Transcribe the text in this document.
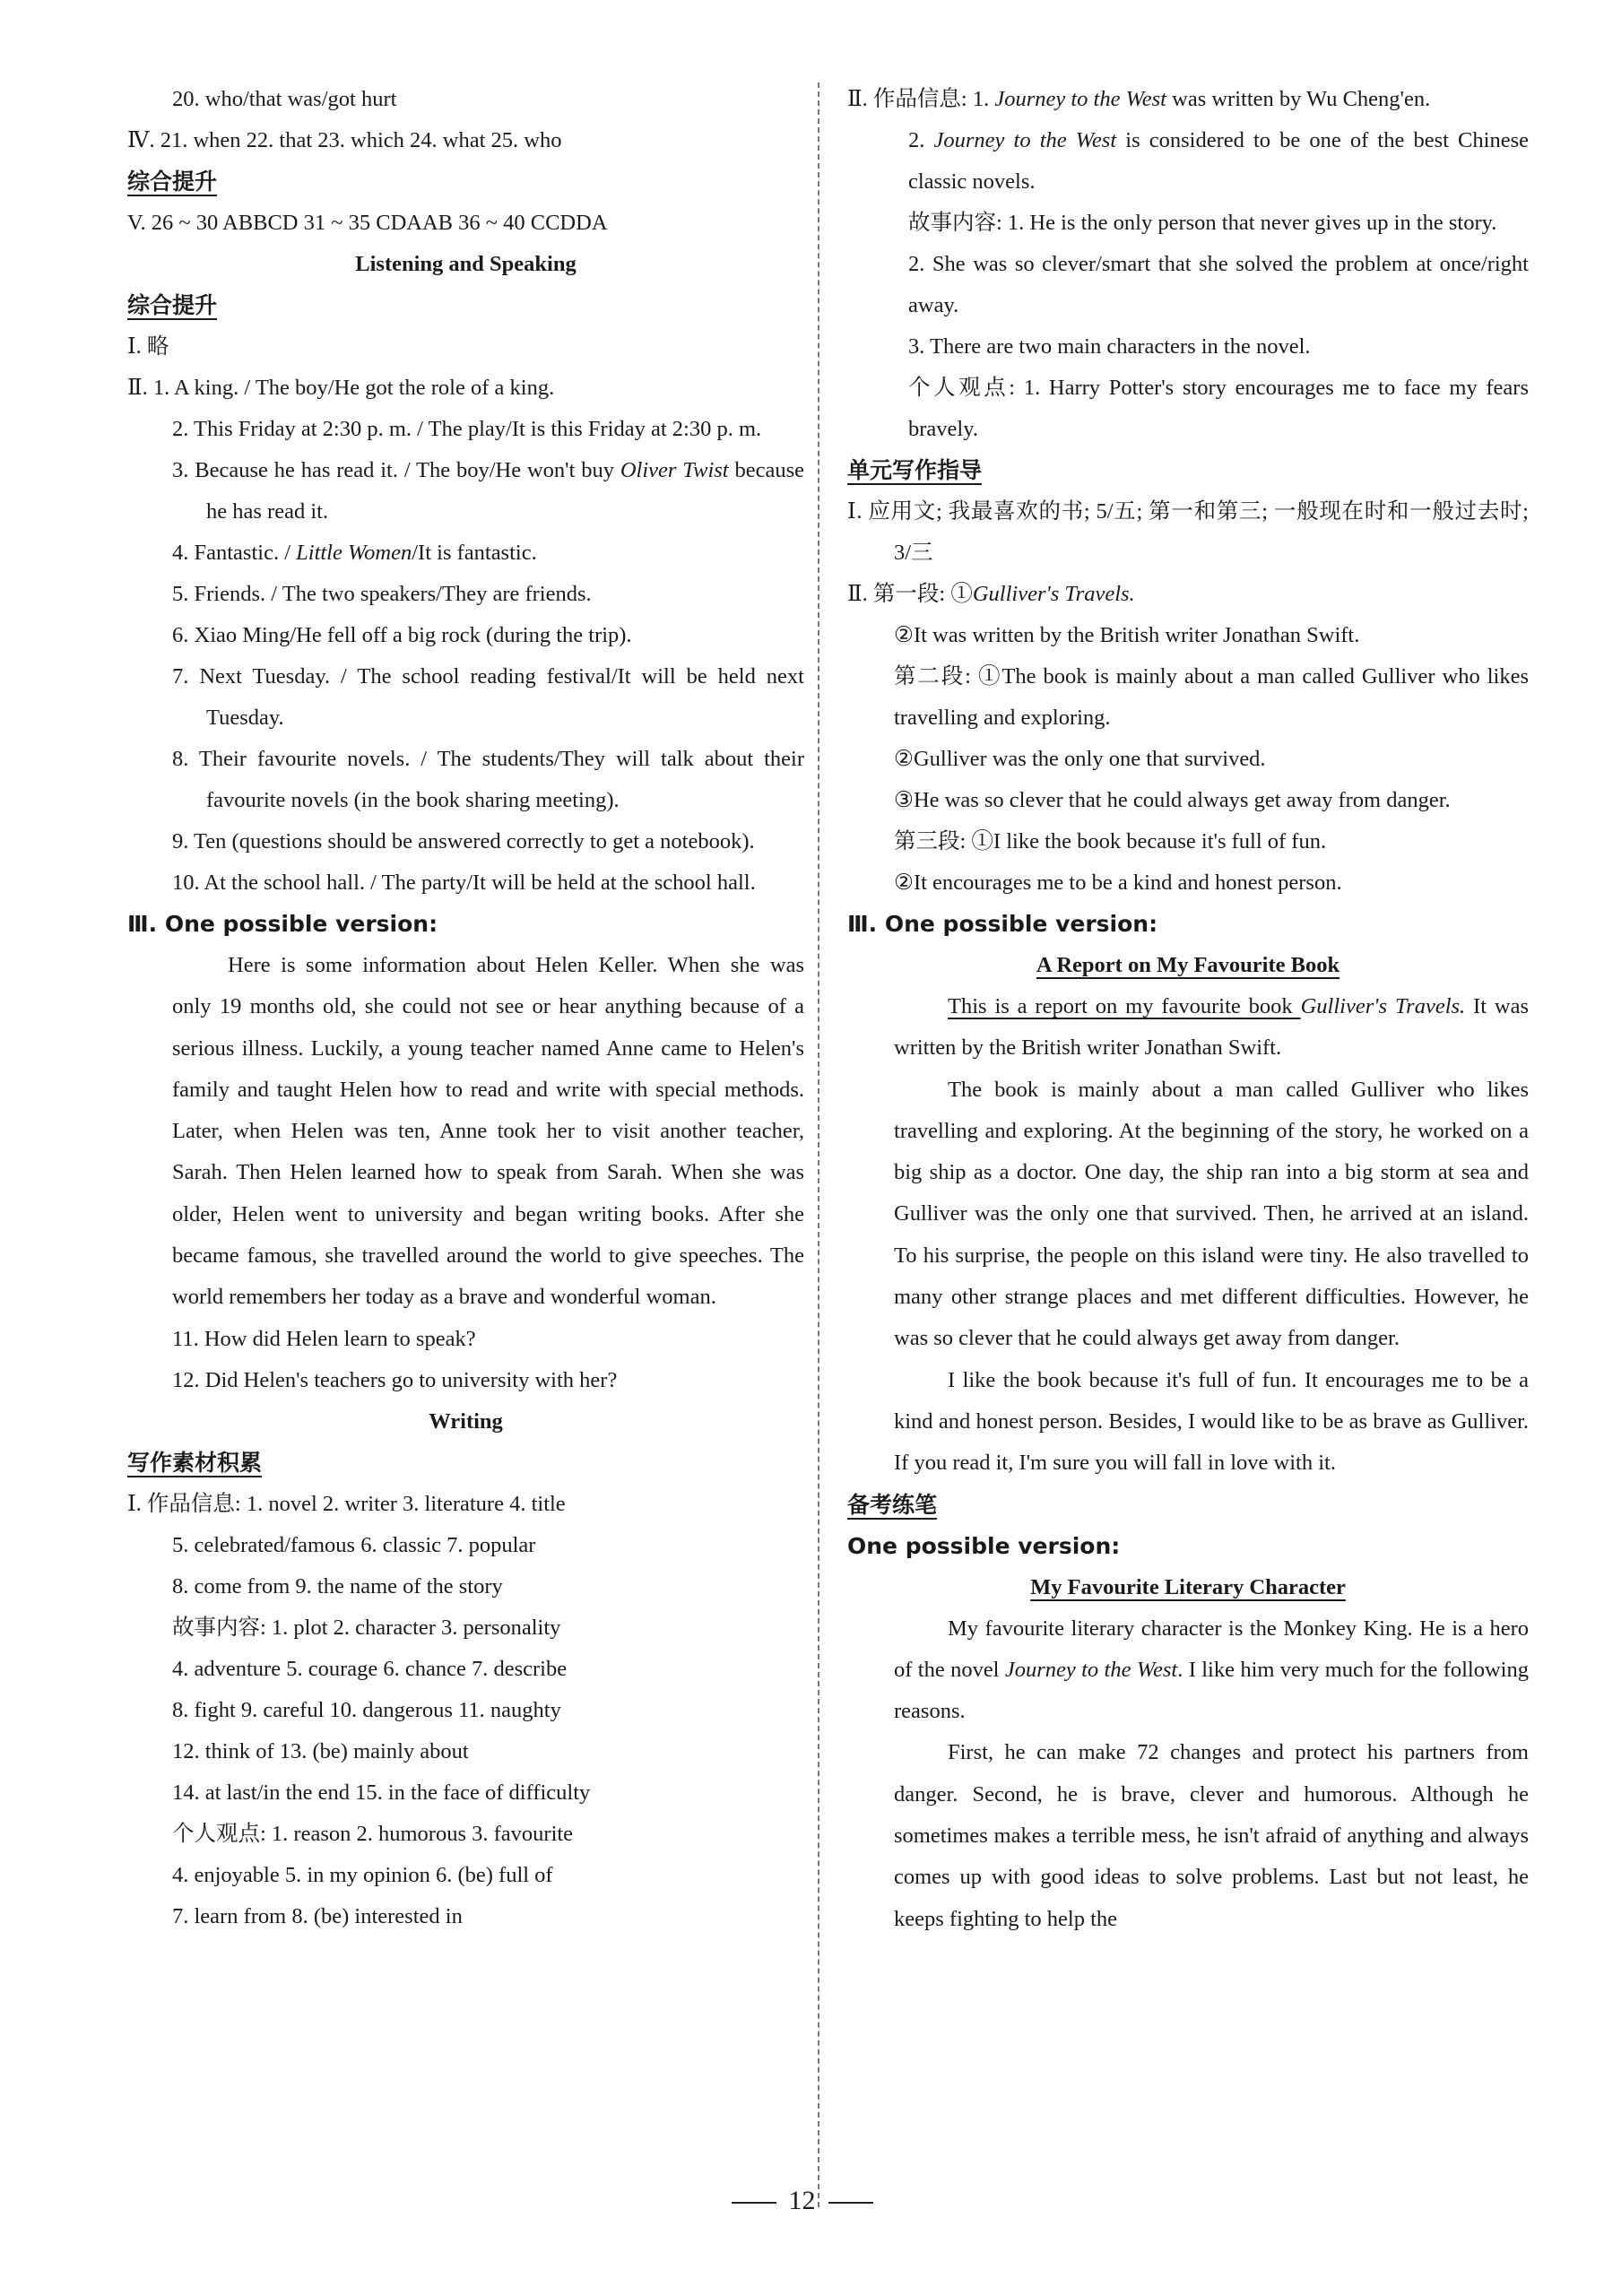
20. who/that was/got hurt

Ⅳ. 21. when 22. that 23. which 24. what 25. who

综合提升

V. 26 ~ 30 ABBCD 31 ~ 35 CDAAB 36 ~ 40 CCDDA

Listening and Speaking

综合提升

Ⅰ. 略

Ⅱ. 1. A king. / The boy/He got the role of a king.

2. This Friday at 2:30 p. m. / The play/It is this Friday at 2:30 p. m.

3. Because he has read it. / The boy/He won't buy Oliver Twist because he has read it.

4. Fantastic. / Little Women/It is fantastic.

5. Friends. / The two speakers/They are friends.

6. Xiao Ming/He fell off a big rock (during the trip).

7. Next Tuesday. / The school reading festival/It will be held next Tuesday.

8. Their favourite novels. / The students/They will talk about their favourite novels (in the book sharing meeting).

9. Ten (questions should be answered correctly to get a notebook).

10. At the school hall. / The party/It will be held at the school hall.

Ⅲ. One possible version:

Here is some information about Helen Keller. When she was only 19 months old, she could not see or hear anything because of a serious illness. Luckily, a young teacher named Anne came to Helen's family and taught Helen how to read and write with special methods. Later, when Helen was ten, Anne took her to visit another teacher, Sarah. Then Helen learned how to speak from Sarah. When she was older, Helen went to university and began writing books. After she became famous, she travelled around the world to give speeches. The world remembers her today as a brave and wonderful woman.

11. How did Helen learn to speak?

12. Did Helen's teachers go to university with her?

Writing

写作素材积累

Ⅰ. 作品信息: 1. novel 2. writer 3. literature 4. title

5. celebrated/famous 6. classic 7. popular

8. come from 9. the name of the story

故事内容: 1. plot 2. character 3. personality

4. adventure 5. courage 6. chance 7. describe

8. fight 9. careful 10. dangerous 11. naughty

12. think of 13. (be) mainly about

14. at last/in the end 15. in the face of difficulty

个人观点: 1. reason 2. humorous 3. favourite

4. enjoyable 5. in my opinion 6. (be) full of

7. learn from 8. (be) interested in

Ⅱ. 作品信息: 1. Journey to the West was written by Wu Cheng'en.

2. Journey to the West is considered to be one of the best Chinese classic novels.

故事内容: 1. He is the only person that never gives up in the story.

2. She was so clever/smart that she solved the problem at once/right away.

3. There are two main characters in the novel.

个人观点: 1. Harry Potter's story encourages me to face my fears bravely.

单元写作指导

Ⅰ. 应用文; 我最喜欢的书; 5/五; 第一和第三; 一般现在时和一般过去时; 3/三

Ⅱ. 第一段: ①Gulliver's Travels.

②It was written by the British writer Jonathan Swift.

第二段: ①The book is mainly about a man called Gulliver who likes travelling and exploring.

②Gulliver was the only one that survived.

③He was so clever that he could always get away from danger.

第三段: ①I like the book because it's full of fun.

②It encourages me to be a kind and honest person.

Ⅲ. One possible version:

A Report on My Favourite Book

This is a report on my favourite book Gulliver's Travels. It was written by the British writer Jonathan Swift.

The book is mainly about a man called Gulliver who likes travelling and exploring. At the beginning of the story, he worked on a big ship as a doctor. One day, the ship ran into a big storm at sea and Gulliver was the only one that survived. Then, he arrived at an island. To his surprise, the people on this island were tiny. He also travelled to many other strange places and met different difficulties. However, he was so clever that he could always get away from danger.

I like the book because it's full of fun. It encourages me to be a kind and honest person. Besides, I would like to be as brave as Gulliver. If you read it, I'm sure you will fall in love with it.

备考练笔

One possible version:

My Favourite Literary Character

My favourite literary character is the Monkey King. He is a hero of the novel Journey to the West. I like him very much for the following reasons.

First, he can make 72 changes and protect his partners from danger. Second, he is brave, clever and humorous. Although he sometimes makes a terrible mess, he isn't afraid of anything and always comes up with good ideas to solve problems. Last but not least, he keeps fighting to help the

12
